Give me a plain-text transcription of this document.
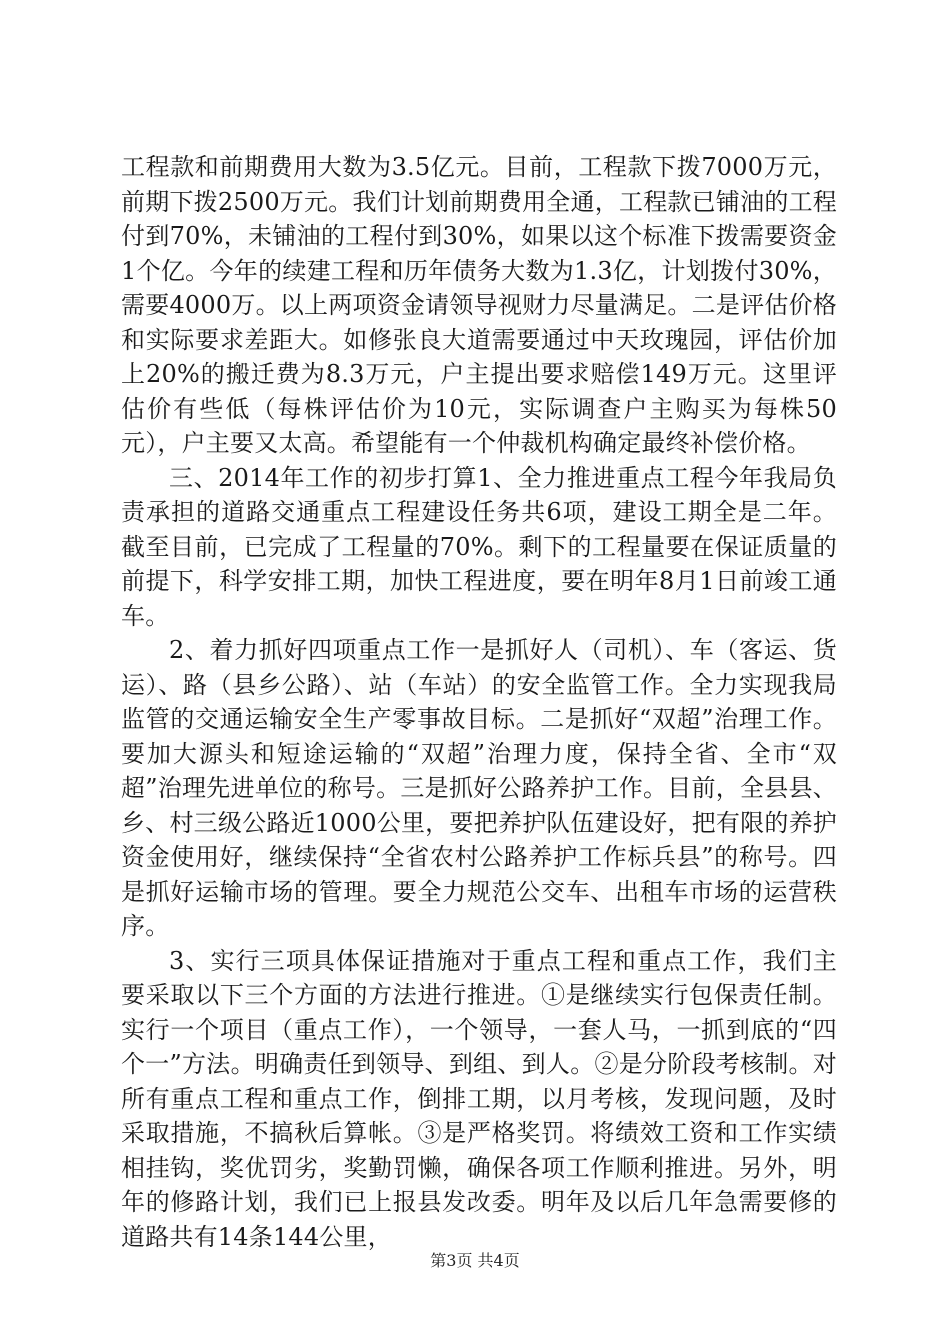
工程款和前期费用大数为3.5亿元。目前，工程款下拨7000万元，前期下拨2500万元。我们计划前期费用全通，工程款已铺油的工程付到70%，未铺油的工程付到30%，如果以这个标准下拨需要资金1个亿。今年的续建工程和历年债务大数为1.3亿，计划拨付30%，需要4000万。以上两项资金请领导视财力尽量满足。二是评估价格和实际要求差距大。如修张良大道需要通过中天玫瑰园，评估价加上20%的搬迁费为8.3万元，户主提出要求赔偿149万元。这里评估价有些低（每株评估价为10元，实际调查户主购买为每株50元），户主要又太高。希望能有一个仲裁机构确定最终补偿价格。

三、2014年工作的初步打算1、全力推进重点工程今年我局负责承担的道路交通重点工程建设任务共6项，建设工期全是二年。截至目前，已完成了工程量的70%。剩下的工程量要在保证质量的前提下，科学安排工期，加快工程进度，要在明年8月1日前竣工通车。

2、着力抓好四项重点工作一是抓好人（司机）、车（客运、货运）、路（县乡公路）、站（车站）的安全监管工作。全力实现我局监管的交通运输安全生产零事故目标。二是抓好“双超”治理工作。要加大源头和短途运输的“双超”治理力度，保持全省、全市“双超”治理先进单位的称号。三是抓好公路养护工作。目前，全县县、乡、村三级公路近1000公里，要把养护队伍建设好，把有限的养护资金使用好，继续保持“全省农村公路养护工作标兵县”的称号。四是抓好运输市场的管理。要全力规范公交车、出租车市场的运营秩序。

3、实行三项具体保证措施对于重点工程和重点工作，我们主要采取以下三个方面的方法进行推进。①是继续实行包保责任制。实行一个项目（重点工作），一个领导，一套人马，一抓到底的“四个一”方法。明确责任到领导、到组、到人。②是分阶段考核制。对所有重点工程和重点工作，倒排工期，以月考核，发现问题，及时采取措施，不搞秋后算帐。③是严格奖罚。将绩效工资和工作实绩相挂钩，奖优罚劣，奖勤罚懒，确保各项工作顺利推进。另外，明年的修路计划，我们已上报县发改委。明年及以后几年急需要修的道路共有14条144公里，

第3页 共4页
